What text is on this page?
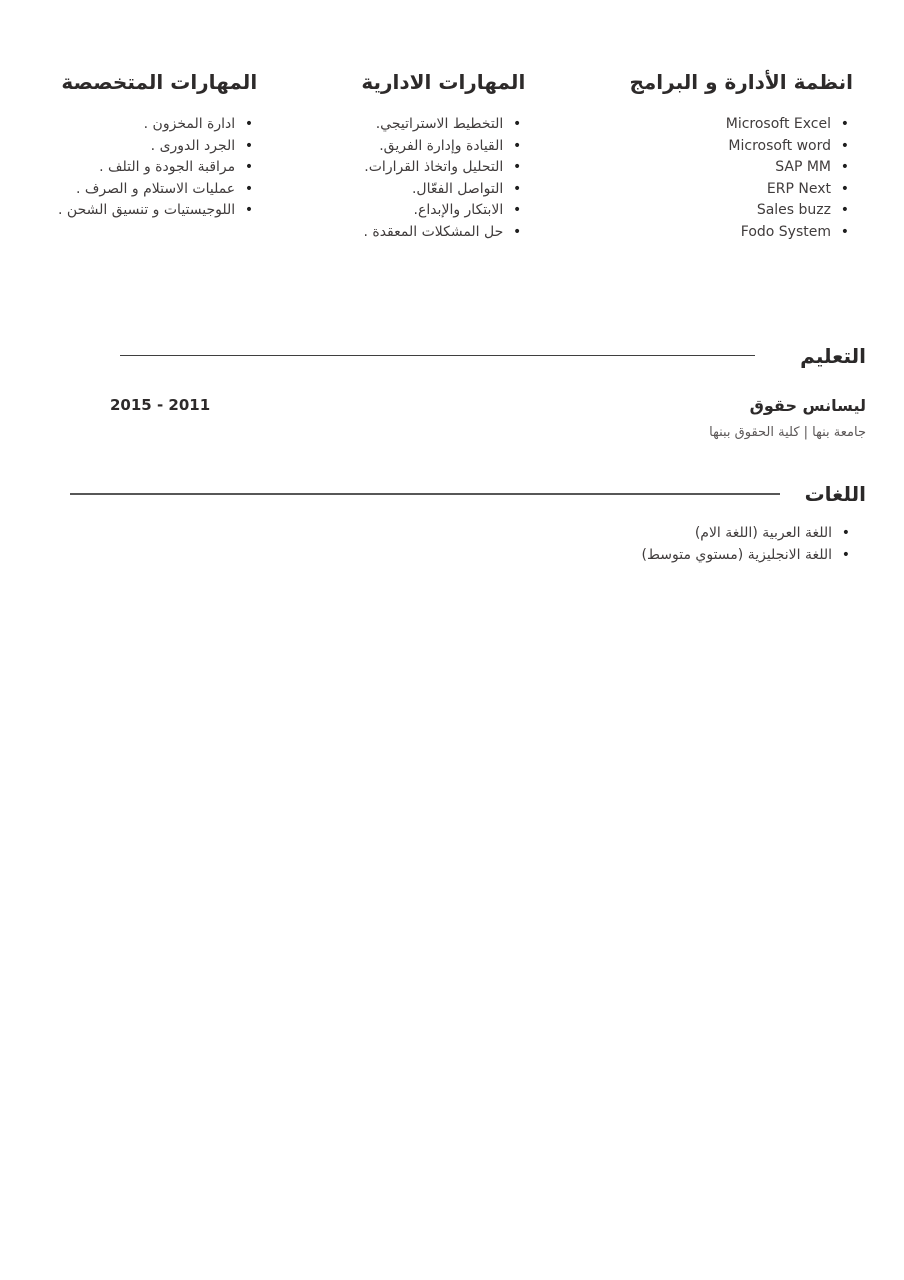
انظمة الأدارة و البرامج
• Microsoft Excel
• Microsoft word
• SAP MM
• ERP Next
• Sales buzz
• Fodo System
المهارات الادارية
• التخطيط الاستراتيجي.
• القيادة وإدارة الفريق.
• التحليل واتخاذ القرارات.
• التواصل الفعّال.
• الابتكار والإبداع.
• حل المشكلات المعقدة .
المهارات المتخصصة
• ادارة المخزون .
• الجرد الدورى .
• مراقبة الجودة و التلف .
• عمليات الاستلام و الصرف .
• اللوجيستيات و تنسيق الشحن .
التعليم
ليسانس حقوق
جامعة بنها | كلية الحقوق ببنها
2015 - 2011
اللغات
• اللغة العربية (اللغة الام)
• اللغة الانجليزية (مستوي متوسط)
